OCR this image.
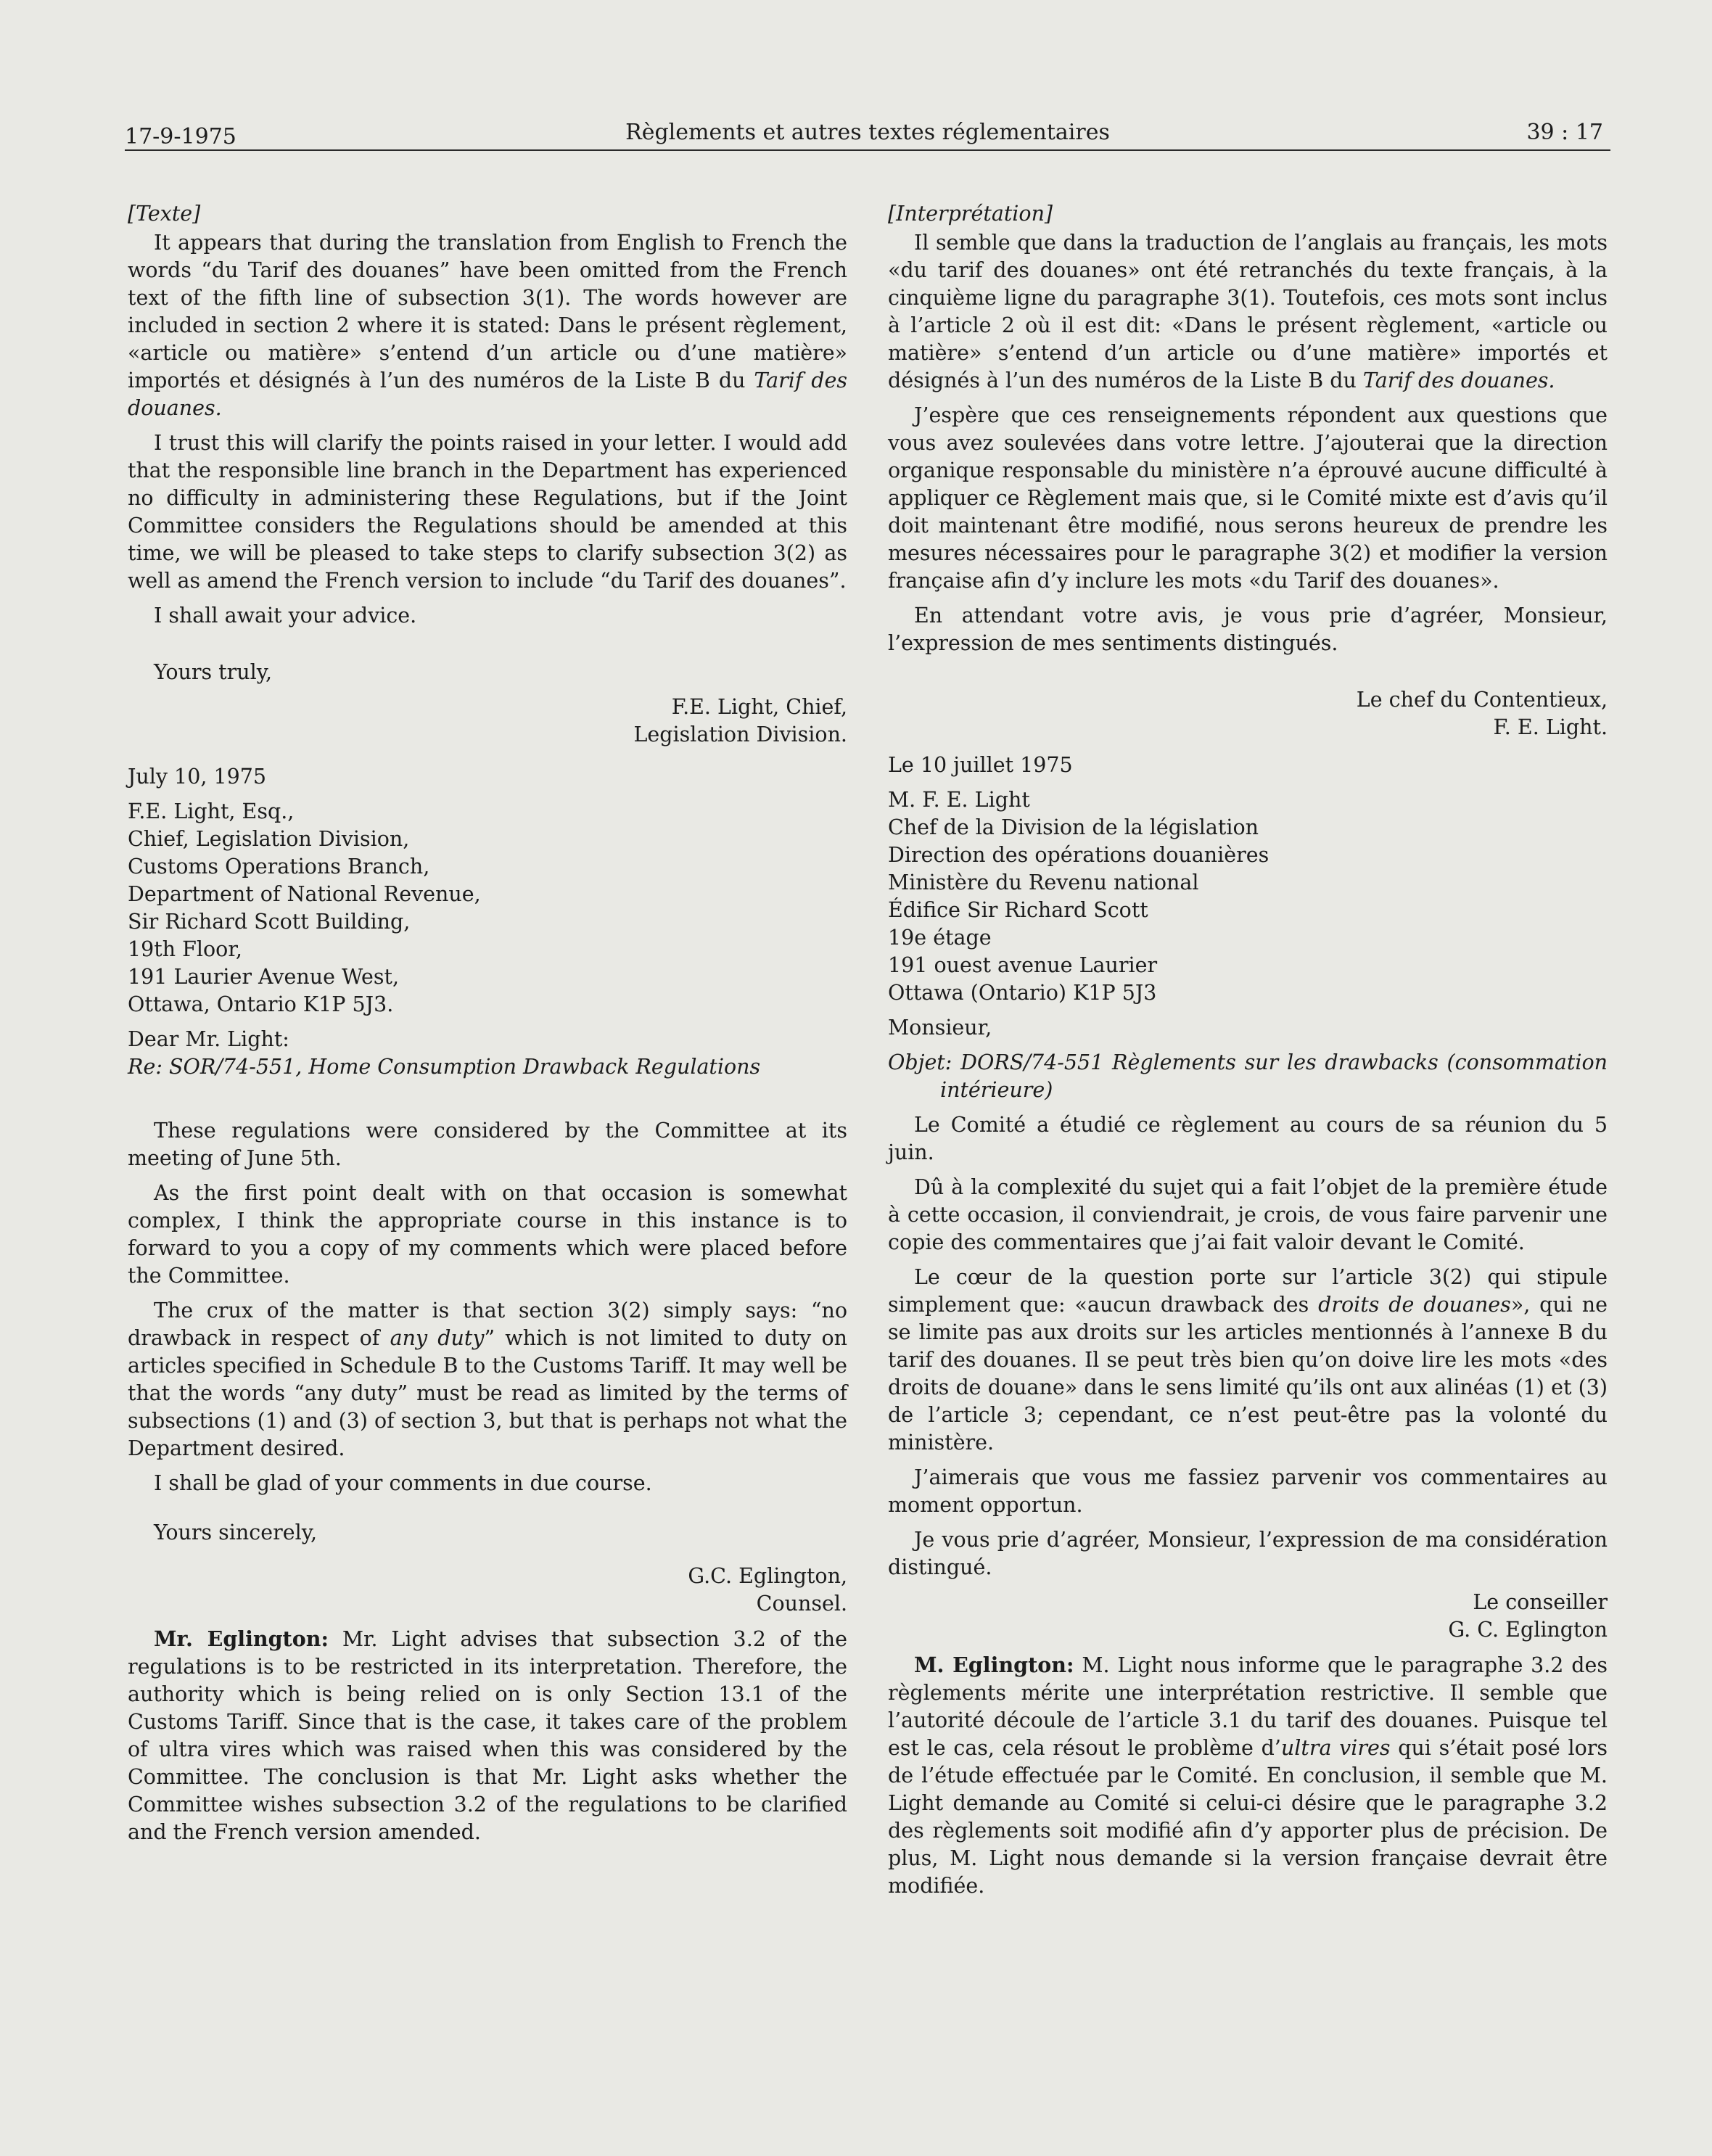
17-9-1975	Règlements et autres textes réglementaires	39 : 17
[Texte]

It appears that during the translation from English to French the words “du Tarif des douanes” have been omitted from the French text of the fifth line of subsection 3(1). The words however are included in section 2 where it is stated: Dans le présent règlement, «article ou matière» s’entend d’un article ou d’une matière» importés et désignés à l’un des numéros de la Liste B du Tarif des douanes.

I trust this will clarify the points raised in your letter. I would add that the responsible line branch in the Department has experienced no difficulty in administering these Regulations, but if the Joint Committee considers the Regulations should be amended at this time, we will be pleased to take steps to clarify subsection 3(2) as well as amend the French version to include “du Tarif des douanes”.

I shall await your advice.

Yours truly,

F.E. Light, Chief,
Legislation Division.

July 10, 1975

F.E. Light, Esq.,
Chief, Legislation Division,
Customs Operations Branch,
Department of National Revenue,
Sir Richard Scott Building,
19th Floor,
191 Laurier Avenue West,
Ottawa, Ontario K1P 5J3.

Dear Mr. Light:

Re: SOR/74-551, Home Consumption Drawback Regulations

These regulations were considered by the Committee at its meeting of June 5th.

As the first point dealt with on that occasion is somewhat complex, I think the appropriate course in this instance is to forward to you a copy of my comments which were placed before the Committee.

The crux of the matter is that section 3(2) simply says: “no drawback in respect of any duty” which is not limited to duty on articles specified in Schedule B to the Customs Tariff. It may well be that the words “any duty” must be read as limited by the terms of subsections (1) and (3) of section 3, but that is perhaps not what the Department desired.

I shall be glad of your comments in due course.

Yours sincerely,

G.C. Eglington,
Counsel.

Mr. Eglington: Mr. Light advises that subsection 3.2 of the regulations is to be restricted in its interpretation. Therefore, the authority which is being relied on is only Section 13.1 of the Customs Tariff. Since that is the case, it takes care of the problem of ultra vires which was raised when this was considered by the Committee. The conclusion is that Mr. Light asks whether the Committee wishes subsection 3.2 of the regulations to be clarified and the French version amended.

[Interprétation]

Il semble que dans la traduction de l’anglais au français, les mots «du tarif des douanes» ont été retranchés du texte français, à la cinquième ligne du paragraphe 3(1). Toutefois, ces mots sont inclus à l’article 2 où il est dit: «Dans le présent règlement, «article ou matière» s’entend d’un article ou d’une matière» importés et désignés à l’un des numéros de la Liste B du Tarif des douanes.

J’espère que ces renseignements répondent aux questions que vous avez soulevées dans votre lettre. J’ajouterai que la direction organique responsable du ministère n’a éprouvé aucune difficulté à appliquer ce Règlement mais que, si le Comité mixte est d’avis qu’il doit maintenant être modifié, nous serons heureux de prendre les mesures nécessaires pour le paragraphe 3(2) et modifier la version française afin d’y inclure les mots «du Tarif des douanes».

En attendant votre avis, je vous prie d’agréer, Monsieur, l’expression de mes sentiments distingués.

Le chef du Contentieux,
F. E. Light.

Le 10 juillet 1975

M. F. E. Light
Chef de la Division de la législation
Direction des opérations douanières
Ministère du Revenu national
Édifice Sir Richard Scott
19e étage
191 ouest avenue Laurier
Ottawa (Ontario) K1P 5J3

Monsieur,

Objet: DORS/74-551 Règlements sur les drawbacks (consommation intérieure)

Le Comité a étudié ce règlement au cours de sa réunion du 5 juin.

Dû à la complexité du sujet qui a fait l’objet de la première étude à cette occasion, il conviendrait, je crois, de vous faire parvenir une copie des commentaires que j’ai fait valoir devant le Comité.

Le cœur de la question porte sur l’article 3(2) qui stipule simplement que: «aucun drawback des droits de douanes», qui ne se limite pas aux droits sur les articles mentionnés à l’annexe B du tarif des douanes. Il se peut très bien qu’on doive lire les mots «des droits de douane» dans le sens limité qu’ils ont aux alinéas (1) et (3) de l’article 3; cependant, ce n’est peut-être pas la volonté du ministère.

J’aimerais que vous me fassiez parvenir vos commentaires au moment opportun.

Je vous prie d’agréer, Monsieur, l’expression de ma considération distingué.

Le conseiller
G. C. Eglington

M. Eglington: M. Light nous informe que le paragraphe 3.2 des règlements mérite une interprétation restrictive. Il semble que l’autorité découle de l’article 3.1 du tarif des douanes. Puisque tel est le cas, cela résout le problème d’ultra vires qui s’était posé lors de l’étude effectuée par le Comité. En conclusion, il semble que M. Light demande au Comité si celui-ci désire que le paragraphe 3.2 des règlements soit modifié afin d’y apporter plus de précision. De plus, M. Light nous demande si la version française devrait être modifiée.
